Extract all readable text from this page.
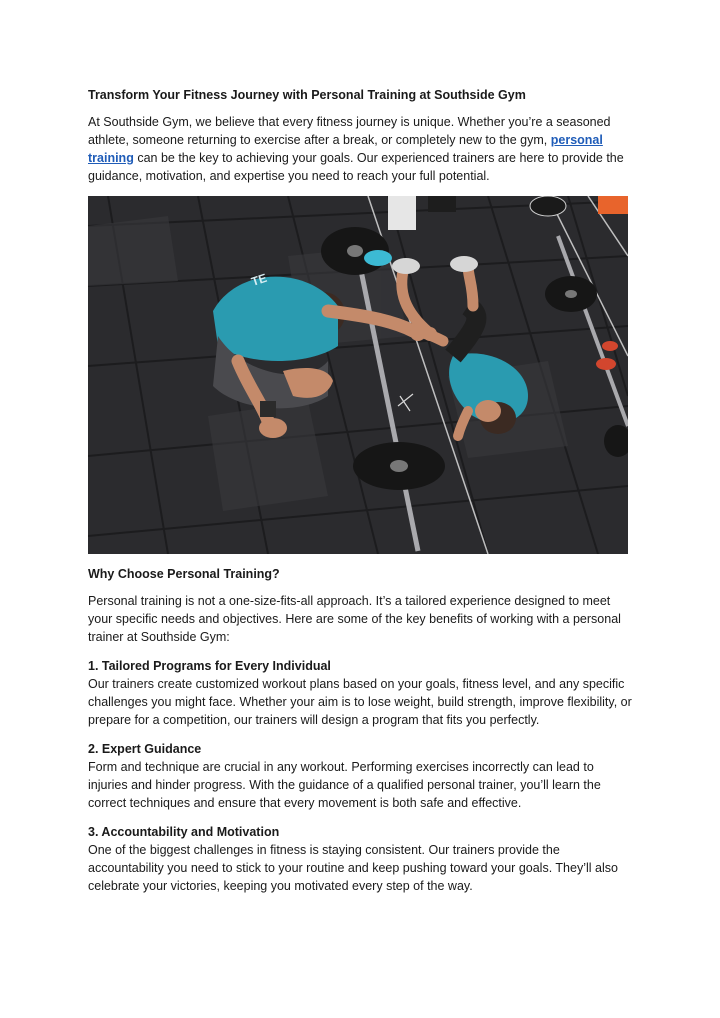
Transform Your Fitness Journey with Personal Training at Southside Gym

At Southside Gym, we believe that every fitness journey is unique. Whether you’re a seasoned athlete, someone returning to exercise after a break, or completely new to the gym, personal training can be the key to achieving your goals. Our experienced trainers are here to provide the guidance, motivation, and expertise you need to reach your full potential.

TE
Why Choose Personal Training?

Personal training is not a one-size-fits-all approach. It’s a tailored experience designed to meet your specific needs and objectives. Here are some of the key benefits of working with a personal trainer at Southside Gym:

1. Tailored Programs for Every Individual

Our trainers create customized workout plans based on your goals, fitness level, and any specific challenges you might face. Whether your aim is to lose weight, build strength, improve flexibility, or prepare for a competition, our trainers will design a program that fits you perfectly.

2. Expert Guidance

Form and technique are crucial in any workout. Performing exercises incorrectly can lead to injuries and hinder progress. With the guidance of a qualified personal trainer, you’ll learn the correct techniques and ensure that every movement is both safe and effective.

3. Accountability and Motivation

One of the biggest challenges in fitness is staying consistent. Our trainers provide the accountability you need to stick to your routine and keep pushing toward your goals. They’ll also celebrate your victories, keeping you motivated every step of the way.
